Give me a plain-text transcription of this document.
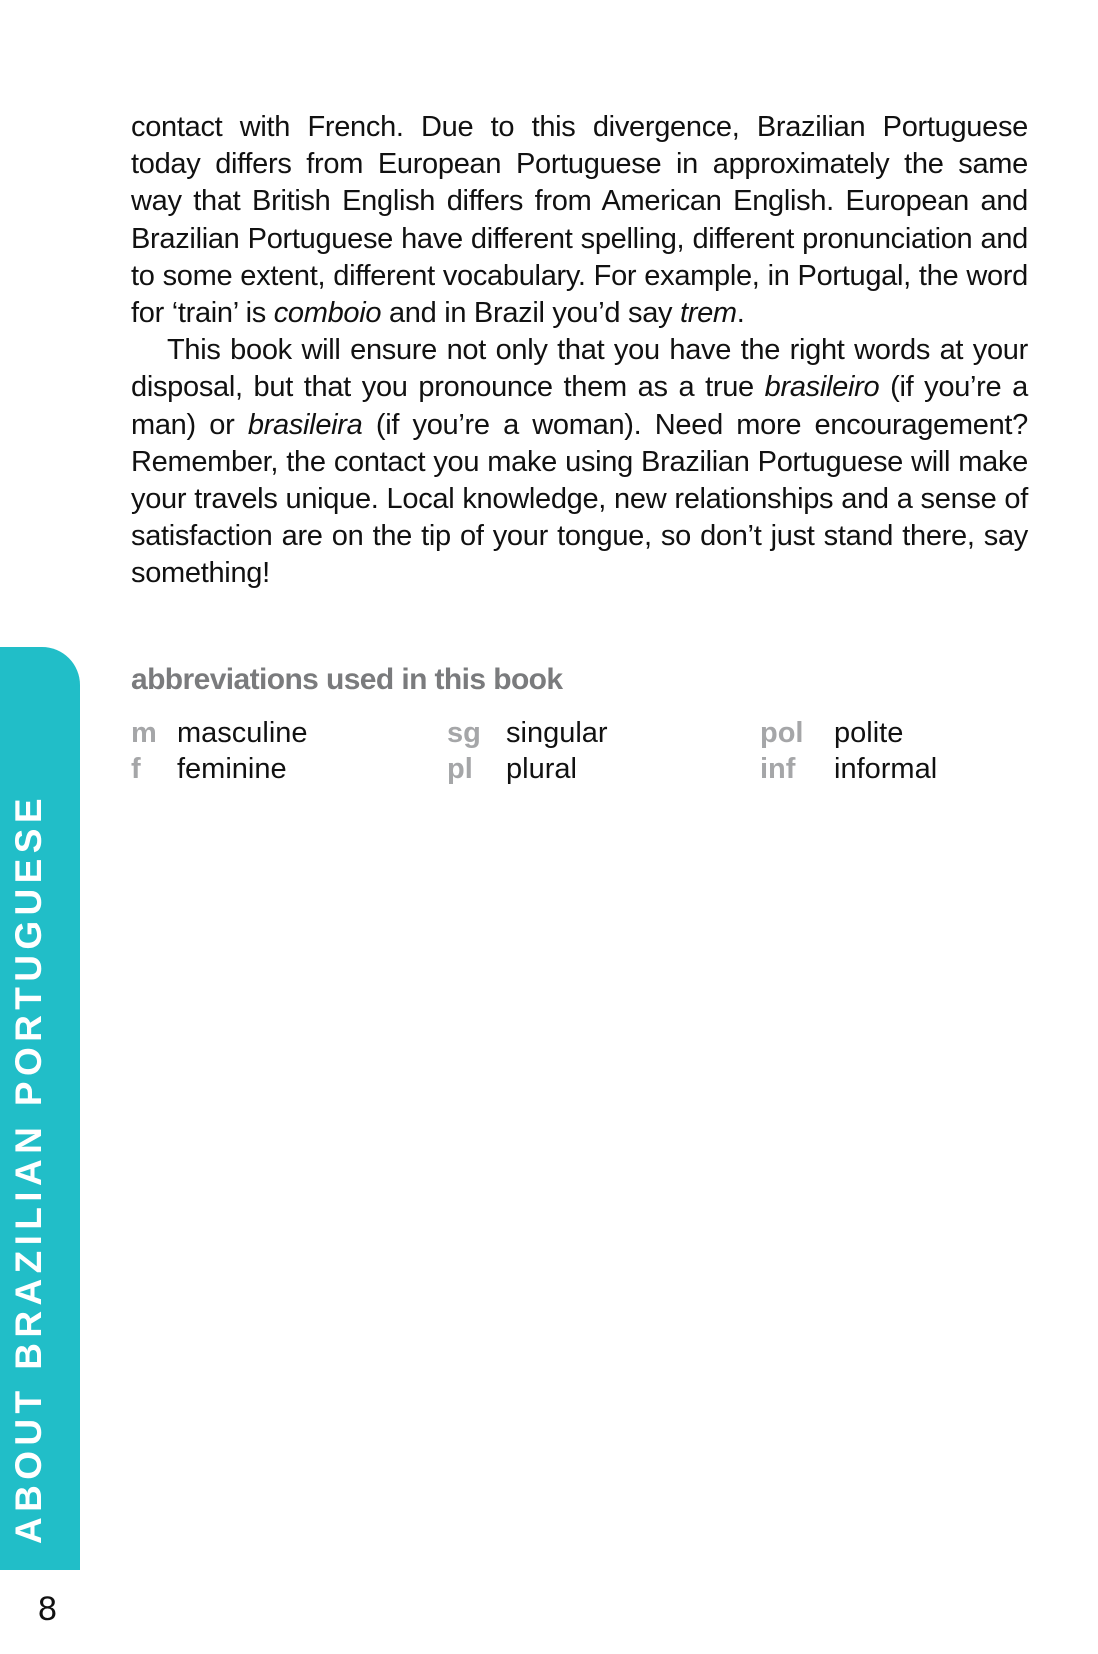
contact with French. Due to this divergence, Brazilian Portuguese today differs from European Portuguese in approximately the same way that British English differs from American English. European and Brazilian Portuguese have different spelling, different pronunciation and to some extent, different vocabulary. For example, in Portugal, the word for ‘train’ is comboio and in Brazil you’d say trem.

This book will ensure not only that you have the right words at your disposal, but that you pronounce them as a true brasileiro (if you’re a man) or brasileira (if you’re a woman). Need more encouragement? Remember, the contact you make using Brazilian Portuguese will make your travels unique. Local knowledge, new relationships and a sense of satisfaction are on the tip of your tongue, so don’t just stand there, say something!

abbreviations used in this book
m masculine
f feminine
sg singular
pl plural
pol polite
inf informal
ABOUT BRAZILIAN PORTUGUESE
8
